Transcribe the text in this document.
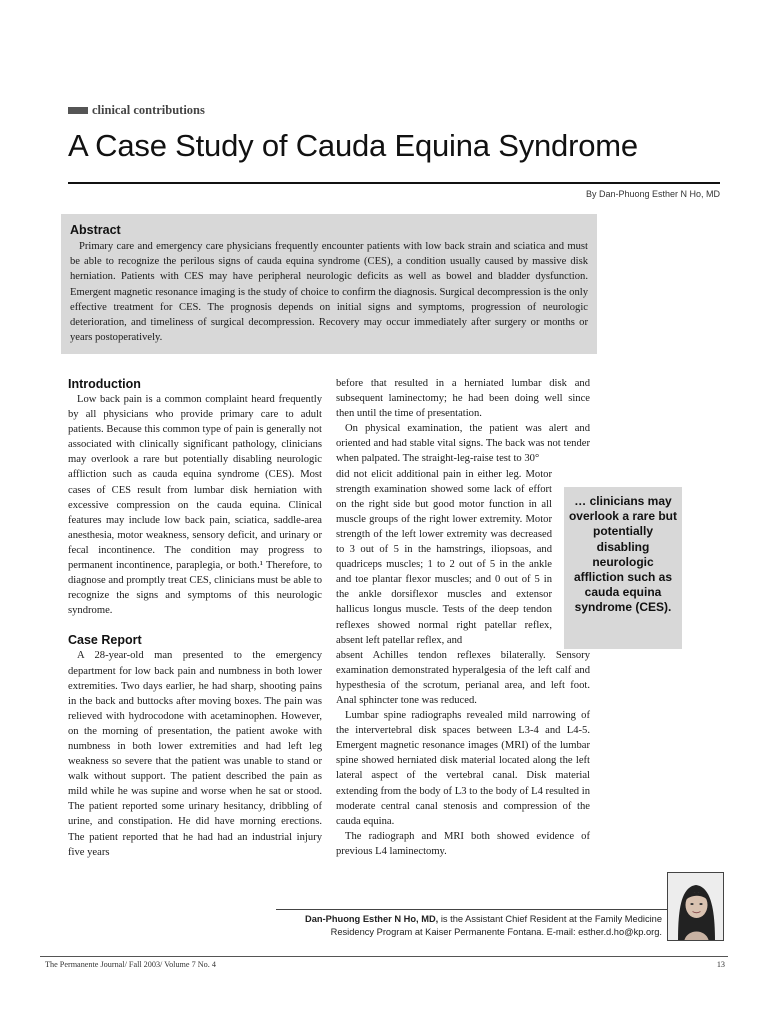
clinical contributions
A Case Study of Cauda Equina Syndrome
By Dan-Phuong Esther N Ho, MD
Abstract

Primary care and emergency care physicians frequently encounter patients with low back strain and sciatica and must be able to recognize the perilous signs of cauda equina syndrome (CES), a condition usually caused by massive disk herniation. Patients with CES may have peripheral neurologic deficits as well as bowel and bladder dysfunction. Emergent magnetic resonance imaging is the study of choice to confirm the diagnosis. Surgical decompression is the only effective treatment for CES. The prognosis depends on initial signs and symptoms, progression of neurologic deterioration, and timeliness of surgical decompression. Recovery may occur immediately after surgery or months or years postoperatively.

Introduction

Low back pain is a common complaint heard frequently by all physicians who provide primary care to adult patients. Because this common type of pain is generally not associated with clinically significant pathology, clinicians may overlook a rare but potentially disabling neurologic affliction such as cauda equina syndrome (CES). Most cases of CES result from lumbar disk herniation with excessive compression on the cauda equina. Clinical features may include low back pain, sciatica, saddle-area anesthesia, motor weakness, sensory deficit, and urinary or fecal incontinence. The condition may progress to permanent incontinence, paraplegia, or both.¹ Therefore, to diagnose and promptly treat CES, clinicians must be able to recognize the signs and symptoms of this neurologic syndrome.

Case Report

A 28-year-old man presented to the emergency department for low back pain and numbness in both lower extremities. Two days earlier, he had sharp, shooting pains in the back and buttocks after moving boxes. The pain was relieved with hydrocodone with acetaminophen. However, on the morning of presentation, the patient awoke with numbness in both lower extremities and had left leg weakness so severe that the patient was unable to stand or walk without support. The patient described the pain as mild while he was supine and worse when he sat or stood. The patient reported some urinary hesitancy, dribbling of urine, and constipation. He did have morning erections. The patient reported that he had had an industrial injury five years

before that resulted in a herniated lumbar disk and subsequent laminectomy; he had been doing well since then until the time of presentation.

On physical examination, the patient was alert and oriented and had stable vital signs. The back was not tender when palpated. The straight-leg-raise test to 30°

did not elicit additional pain in either leg. Motor strength examination showed some lack of effort on the right side but good motor function in all muscle groups of the right lower extremity. Motor strength of the left lower extremity was decreased to 3 out of 5 in the hamstrings, iliopsoas, and quadriceps muscles; 1 to 2 out of 5 in the ankle and toe plantar flexor muscles; and 0 out of 5 in the ankle dorsiflexor muscles and extensor hallicus longus muscle. Tests of the deep tendon reflexes showed normal right patellar reflex, absent left patellar reflex, and

absent Achilles tendon reflexes bilaterally. Sensory examination demonstrated hyperalgesia of the left calf and hypesthesia of the scrotum, perianal area, and left foot. Anal sphincter tone was reduced.

Lumbar spine radiographs revealed mild narrowing of the intervertebral disk spaces between L3-4 and L4-5. Emergent magnetic resonance images (MRI) of the lumbar spine showed herniated disk material located along the left lateral aspect of the vertebral canal. Disk material extending from the body of L3 to the body of L4 resulted in moderate central canal stenosis and compression of the cauda equina.

The radiograph and MRI both showed evidence of previous L4 laminectomy.

… clinicians may overlook a rare but potentially disabling neurologic affliction such as cauda equina syndrome (CES).
Dan-Phuong Esther N Ho, MD, is the Assistant Chief Resident at the Family Medicine
Residency Program at Kaiser Permanente Fontana. E-mail: esther.d.ho@kp.org.
The Permanente Journal/ Fall 2003/ Volume 7 No. 4	13
